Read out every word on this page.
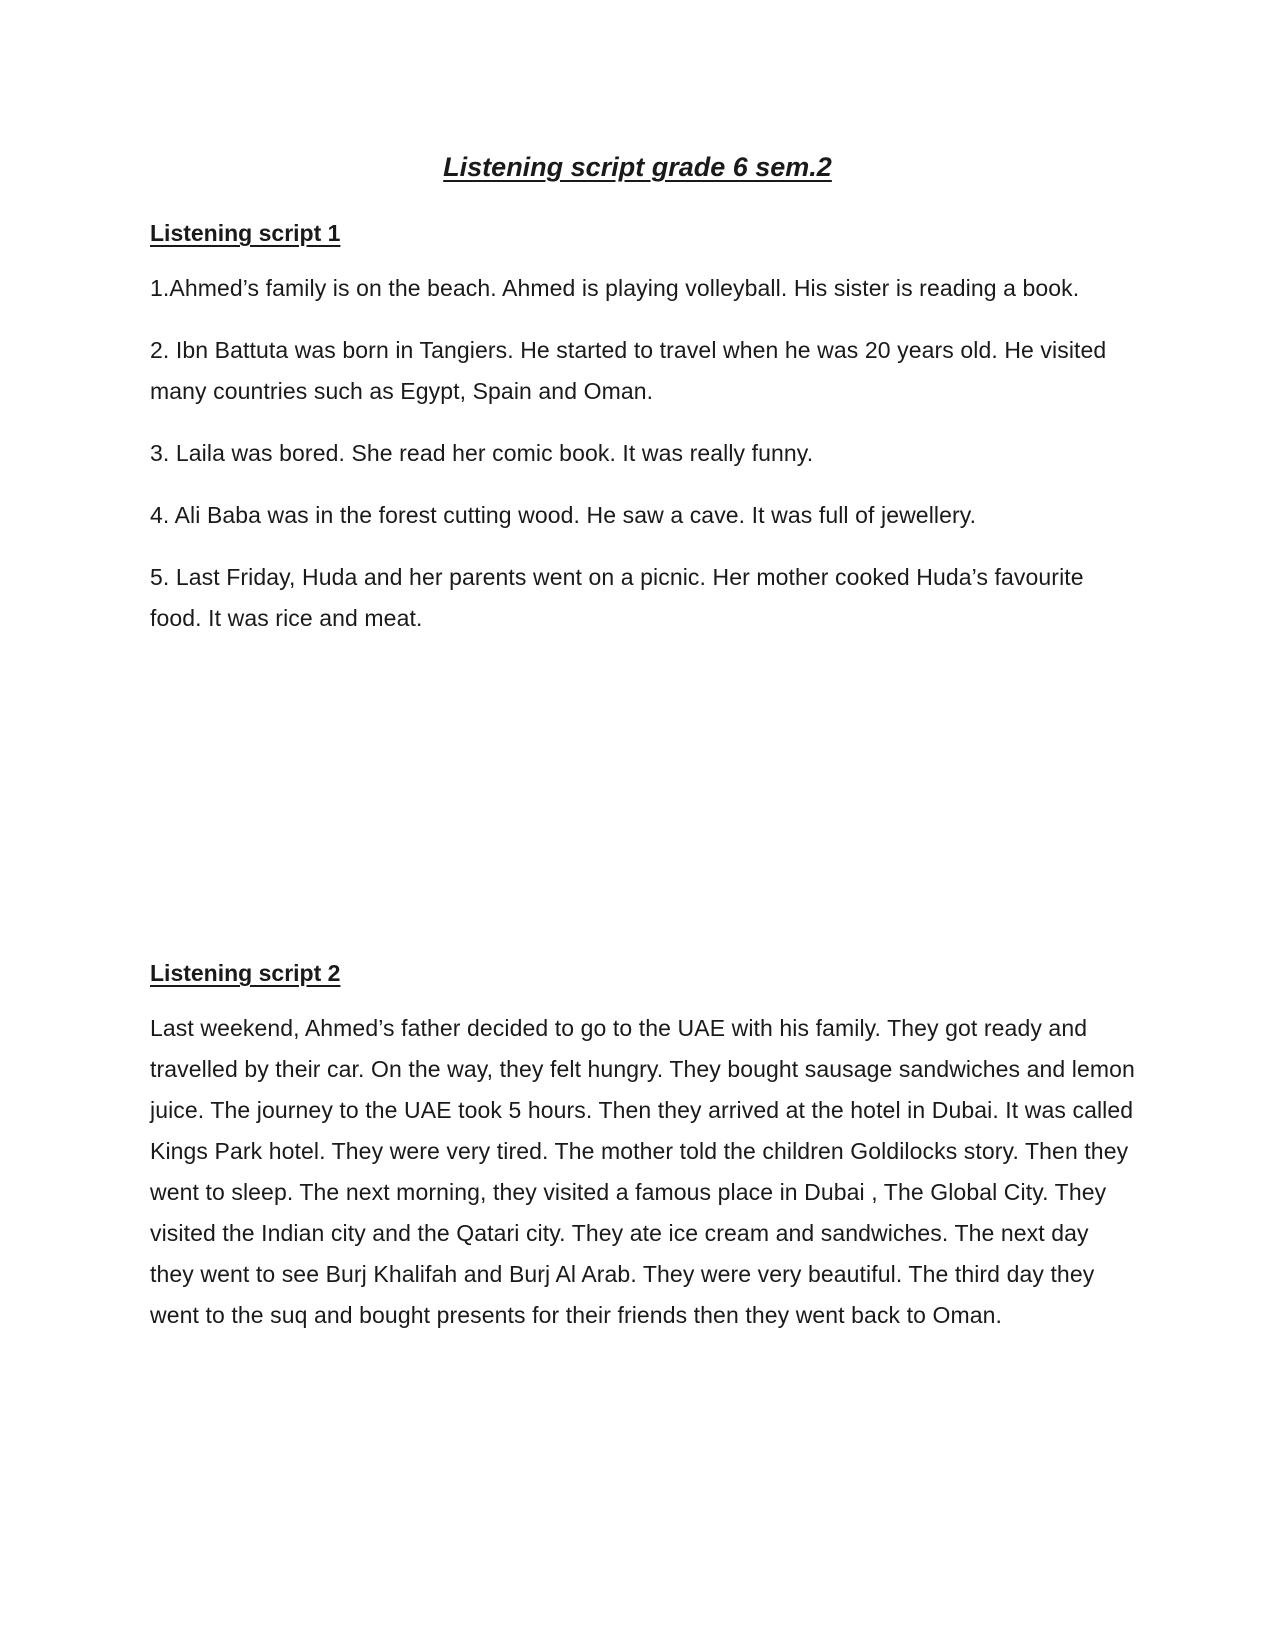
Listening script grade 6 sem.2
Listening script 1

1.Ahmed’s family is on the beach. Ahmed is playing volleyball. His sister is reading a book.

2. Ibn Battuta was born in Tangiers. He started to travel when he was 20 years old. He visited many countries such as Egypt, Spain and Oman.

3. Laila was bored. She read her comic book. It was really funny.

4. Ali Baba was in the forest cutting wood. He saw a cave. It was full of jewellery.

5. Last Friday, Huda and her parents went on a picnic. Her mother cooked Huda’s favourite food. It was rice and meat.

Listening script 2

Last weekend, Ahmed’s father decided to go to the UAE with his family. They got ready and travelled by their car. On the way, they felt hungry. They bought sausage sandwiches and lemon juice. The journey to the UAE took 5 hours. Then they arrived at the hotel in Dubai. It was called Kings Park hotel. They were very tired. The mother told the children Goldilocks story. Then they went to sleep. The next morning, they visited a famous place in Dubai , The Global City. They visited the Indian city and the Qatari city. They ate ice cream and sandwiches. The next day they went to see Burj Khalifah and Burj Al Arab. They were very beautiful. The third day they went to the suq and bought presents for their friends then they went back to Oman.
